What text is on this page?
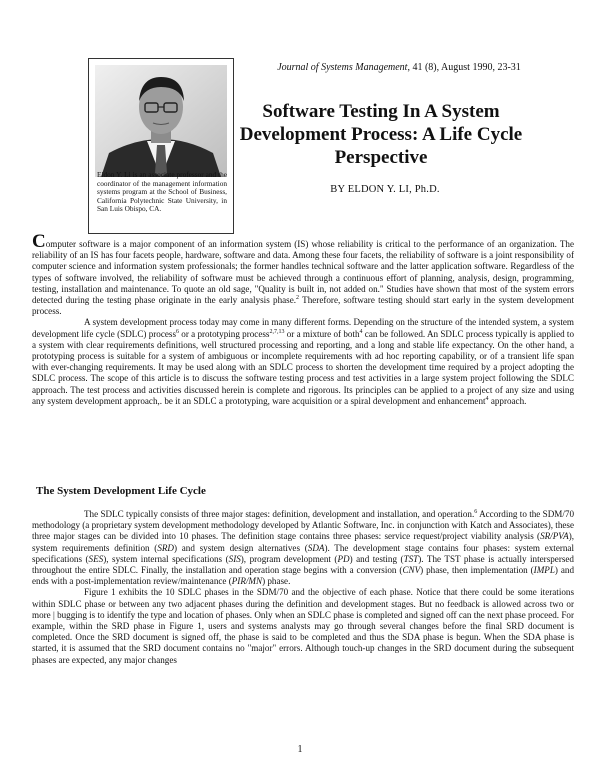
Eldon Y. Li is an associate professor and the coordinator of the management information systems program at the School of Business, California Polytechnic State University, in San Luis Obispo, CA.

Journal of Systems Management, 41 (8), August 1990, 23-31
Software Testing In A System Development Process: A Life Cycle Perspective
BY ELDON Y. LI, Ph.D.

Computer software is a major component of an information system (IS) whose reliability is critical to the performance of an organization. The reliability of an IS has four facets people, hardware, software and data. Among these four facets, the reliability of software is a joint responsibility of computer science and information system professionals; the former handles technical software and the latter application software. Regardless of the types of software involved, the reliability of software must be achieved through a continuous effort of planning, analysis, design, programming, testing, installation and maintenance. To quote an old sage, "Quality is built in, not added on." Studies have shown that most of the system errors detected during the testing phase originate in the early analysis phase.$^2$ Therefore, software testing should start early in the system development process.

A system development process today may come in many different forms. Depending on the structure of the intended system, a system development life cycle (SDLC) process$^6$ or a prototyping process$^{2,7,13}$ or a mixture of both$^4$ can be followed. An SDLC process typically is applied to a system with clear requirements definitions, well structured processing and reporting, and a long and stable life expectancy. On the other hand, a prototyping process is suitable for a system of ambiguous or incomplete requirements with ad hoc reporting capability, or of a transient life span with ever-changing requirements. It may be used along with an SDLC process to shorten the development time required by a project adopting the SDLC process. The scope of this article is to discuss the software testing process and test activities in a large system project following the SDLC approach. The test process and activities discussed herein is complete and rigorous. Its principles can be applied to a project of any size and using any system development approach,. be it an SDLC a prototyping, ware acquisition or a spiral development and enhancement$^4$ approach.

The System Development Life Cycle

The SDLC typically consists of three major stages: definition, development and installation, and operation.$^6$ According to the SDM/70 methodology (a proprietary system development methodology developed by Atlantic Software, Inc. in conjunction with Katch and Associates), these three major stages can be divided into 10 phases. The definition stage contains three phases: service request/project viability analysis (SR/PVA), system requirements definition (SRD) and system design alternatives (SDA). The development stage contains four phases: system external specifications (SES), system internal specifications (SIS), program development (PD) and testing (TST). The TST phase is actually interspersed throughout the entire SDLC. Finally, the installation and operation stage begins with a conversion (CNV) phase, then implementation (IMPL) and ends with a post-implementation review/maintenance (PIR/MN) phase.

Figure 1 exhibits the 10 SDLC phases in the SDM/70 and the objective of each phase. Notice that there could be some iterations within SDLC phase or between any two adjacent phases during the definition and development stages. But no feedback is allowed across two or more | bugging is to identify the type and location of phases. Only when an SDLC phase is completed and signed off can the next phase proceed. For example, within the SRD phase in Figure 1, users and systems analysts may go through several changes before the final SRD document is completed. Once the SRD document is signed off, the phase is said to be completed and thus the SDA phase is begun. When the SDA phase is started, it is assumed that the SRD document contains no "major" errors. Although touch-up changes in the SRD document during the subsequent phases are expected, any major changes

1
